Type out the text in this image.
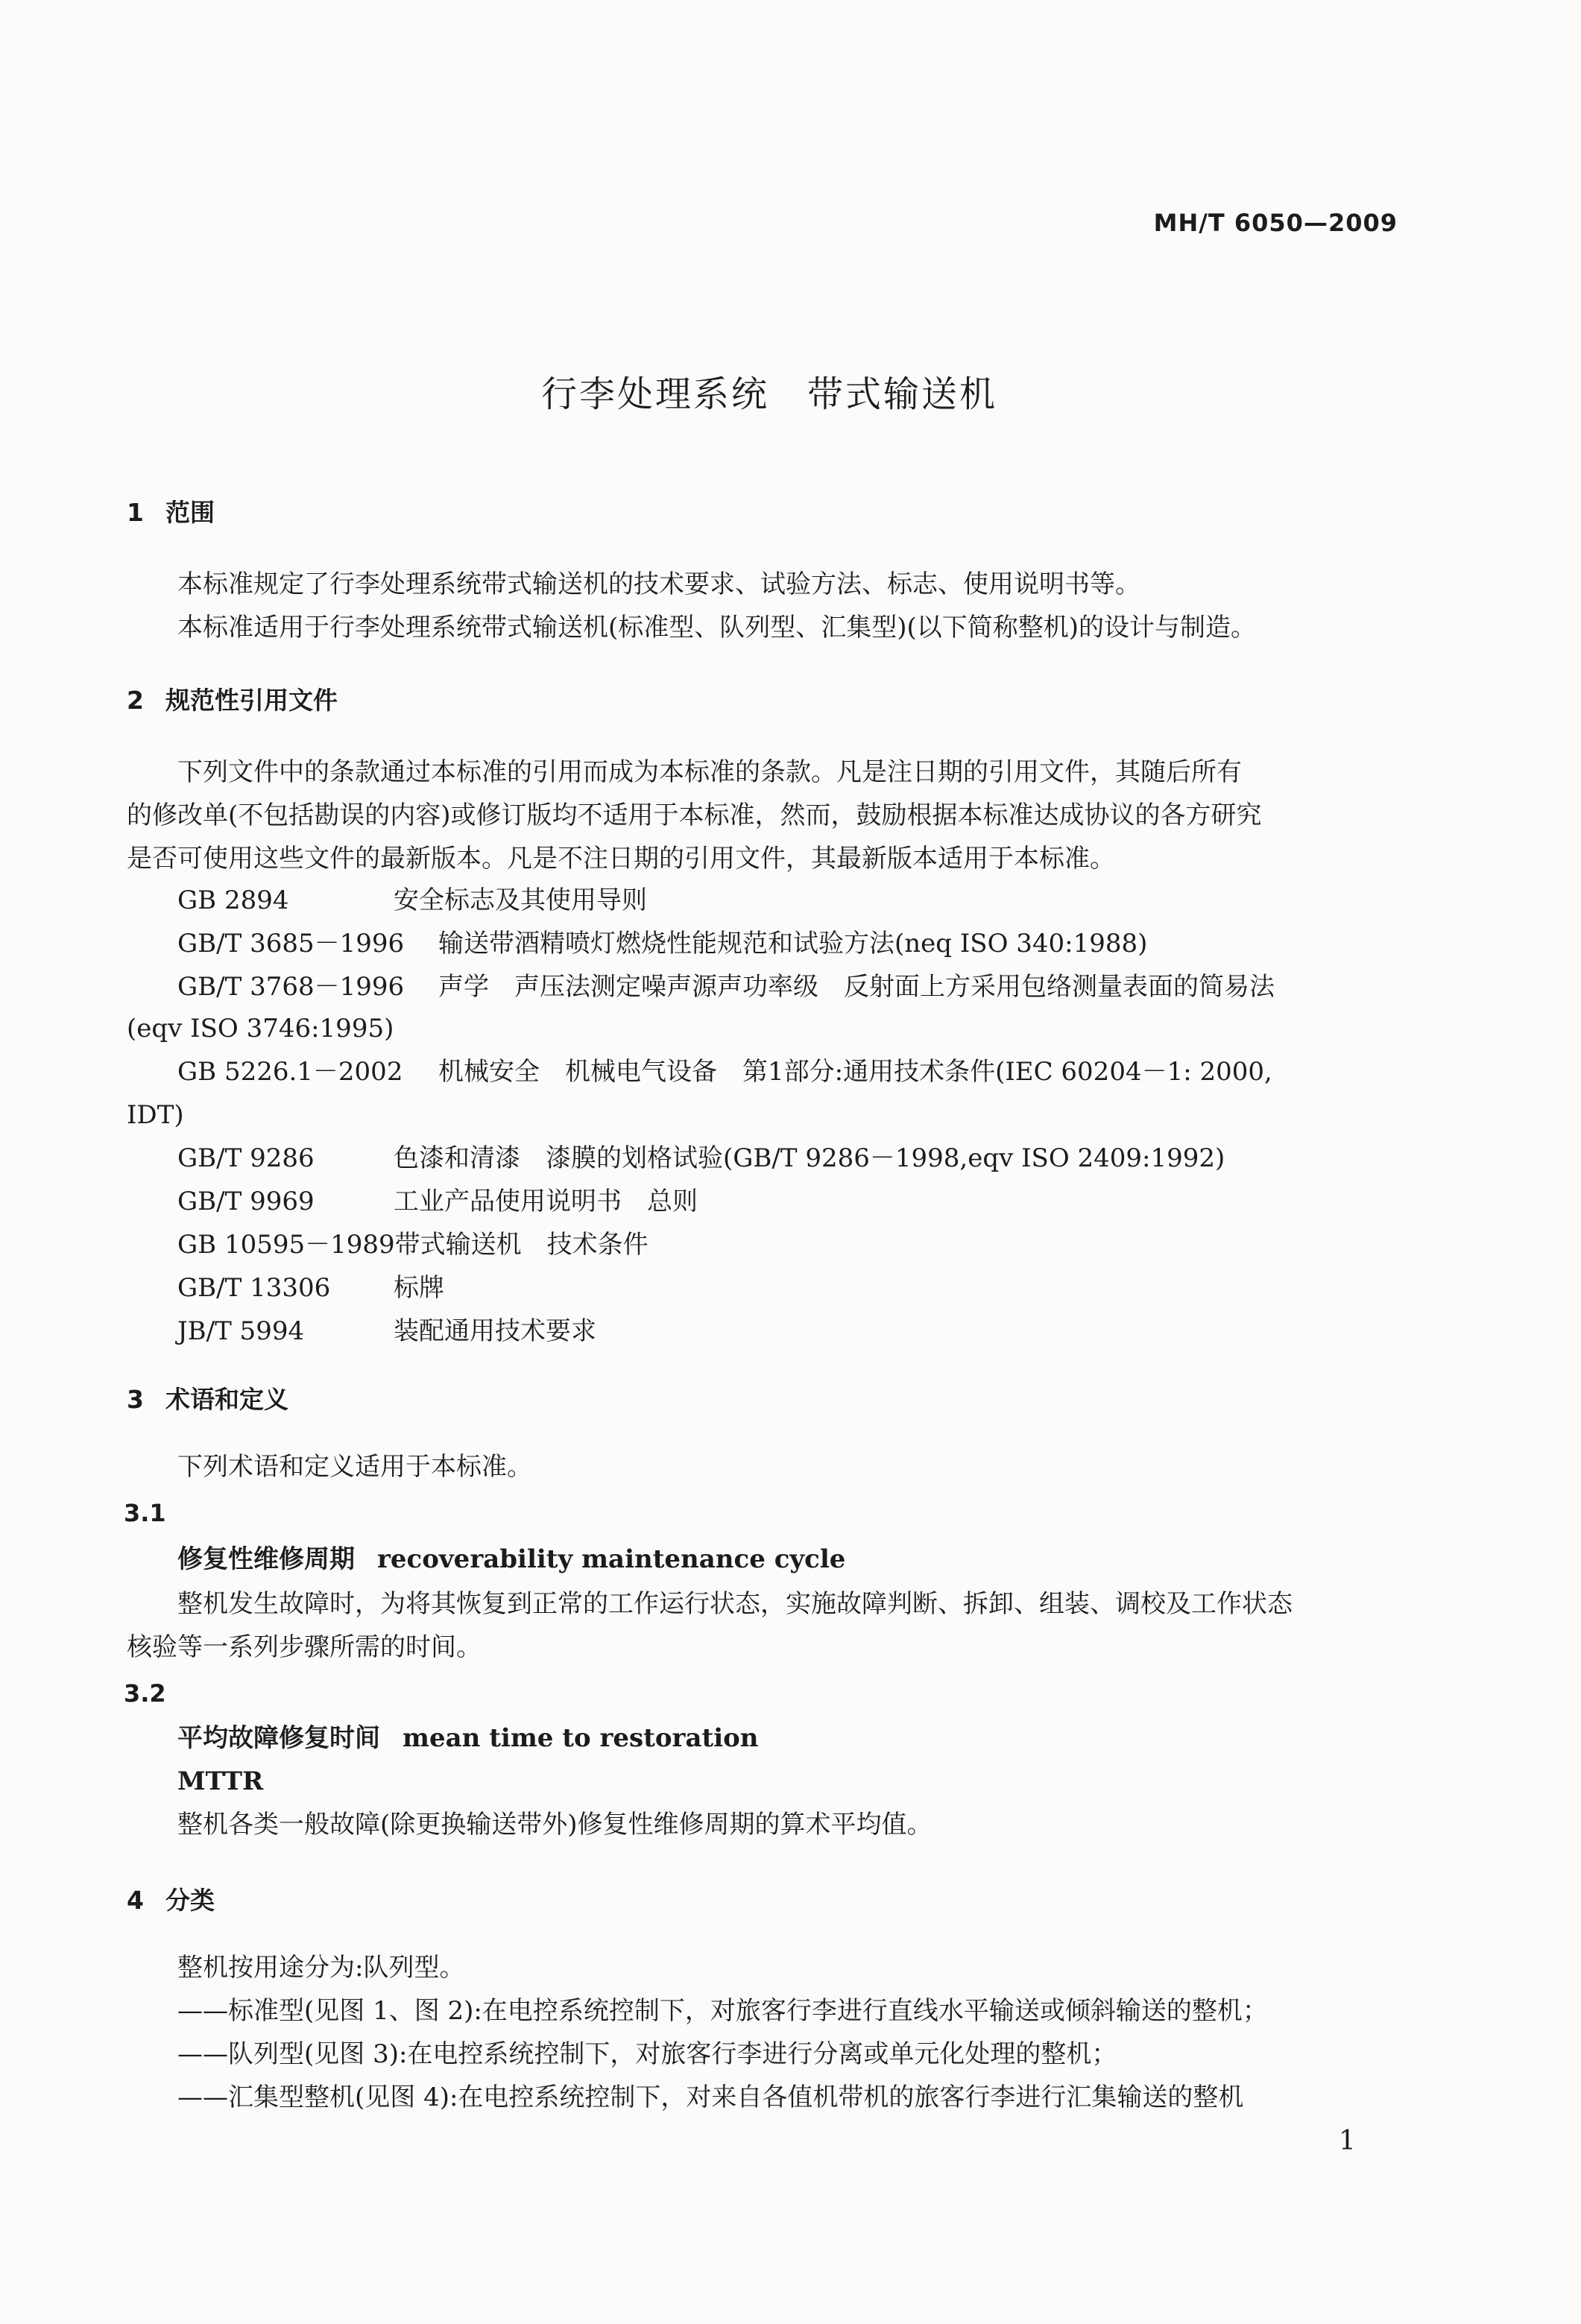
MH/T 6050—2009
行李处理系统　带式输送机
1 范围
本标准规定了行李处理系统带式输送机的技术要求、试验方法、标志、使用说明书等。
本标准适用于行李处理系统带式输送机(标准型、队列型、汇集型)(以下简称整机)的设计与制造。
2 规范性引用文件
下列文件中的条款通过本标准的引用而成为本标准的条款。凡是注日期的引用文件，其随后所有
的修改单(不包括勘误的内容)或修订版均不适用于本标准，然而，鼓励根据本标准达成协议的各方研究
是否可使用这些文件的最新版本。凡是不注日期的引用文件，其最新版本适用于本标准。
GB 2894	安全标志及其使用导则
GB/T 3685－1996 输送带酒精喷灯燃烧性能规范和试验方法(neq ISO 340:1988)
GB/T 3768－1996 声学　声压法测定噪声源声功率级　反射面上方采用包络测量表面的简易法
(eqv ISO 3746:1995)
GB 5226.1－2002 机械安全　机械电气设备　第1部分:通用技术条件(IEC 60204－1: 2000,
IDT)
GB/T 9286	色漆和清漆　漆膜的划格试验(GB/T 9286－1998,eqv ISO 2409:1992)
GB/T 9969	工业产品使用说明书　总则
GB 10595－1989带式输送机　技术条件
GB/T 13306 标牌
JB/T 5994	装配通用技术要求
3 术语和定义
下列术语和定义适用于本标准。
3.1
修复性维修周期 recoverability maintenance cycle
整机发生故障时，为将其恢复到正常的工作运行状态，实施故障判断、拆卸、组装、调校及工作状态
核验等一系列步骤所需的时间。
3.2
平均故障修复时间 mean time to restoration
MTTR
整机各类一般故障(除更换输送带外)修复性维修周期的算术平均值。
4 分类
整机按用途分为:队列型。
——标准型(见图 1、图 2):在电控系统控制下，对旅客行李进行直线水平输送或倾斜输送的整机；
——队列型(见图 3):在电控系统控制下，对旅客行李进行分离或单元化处理的整机；
——汇集型整机(见图 4):在电控系统控制下，对来自各值机带机的旅客行李进行汇集输送的整机
1
